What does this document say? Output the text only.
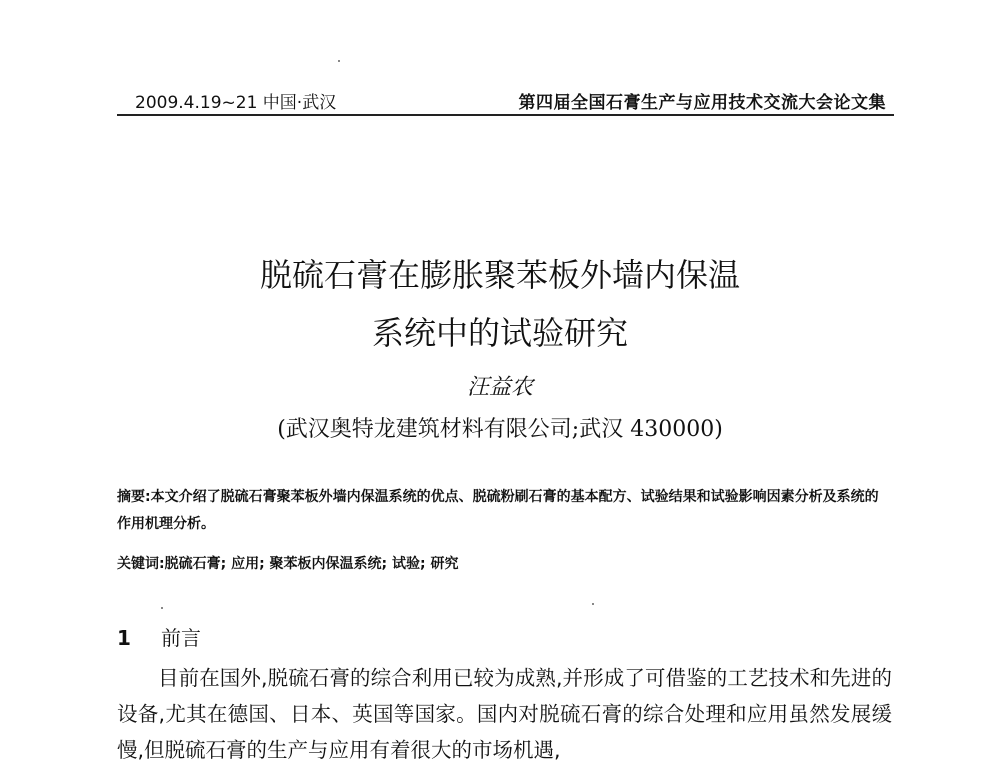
2009.4.19~21 中国·武汉	第四届全国石膏生产与应用技术交流大会论文集
脱硫石膏在膨胀聚苯板外墙内保温
系统中的试验研究
汪益农
(武汉奥特龙建筑材料有限公司;武汉 430000)
摘要:本文介绍了脱硫石膏聚苯板外墙内保温系统的优点、脱硫粉刷石膏的基本配方、试验结果和试验影响因素分析及系统的作用机理分析。
关键词:脱硫石膏; 应用; 聚苯板内保温系统; 试验; 研究
1 前言

目前在国外,脱硫石膏的综合利用已较为成熟,并形成了可借鉴的工艺技术和先进的设备,尤其在德国、日本、英国等国家。国内对脱硫石膏的综合处理和应用虽然发展缓慢,但脱硫石膏的生产与应用有着很大的市场机遇,
